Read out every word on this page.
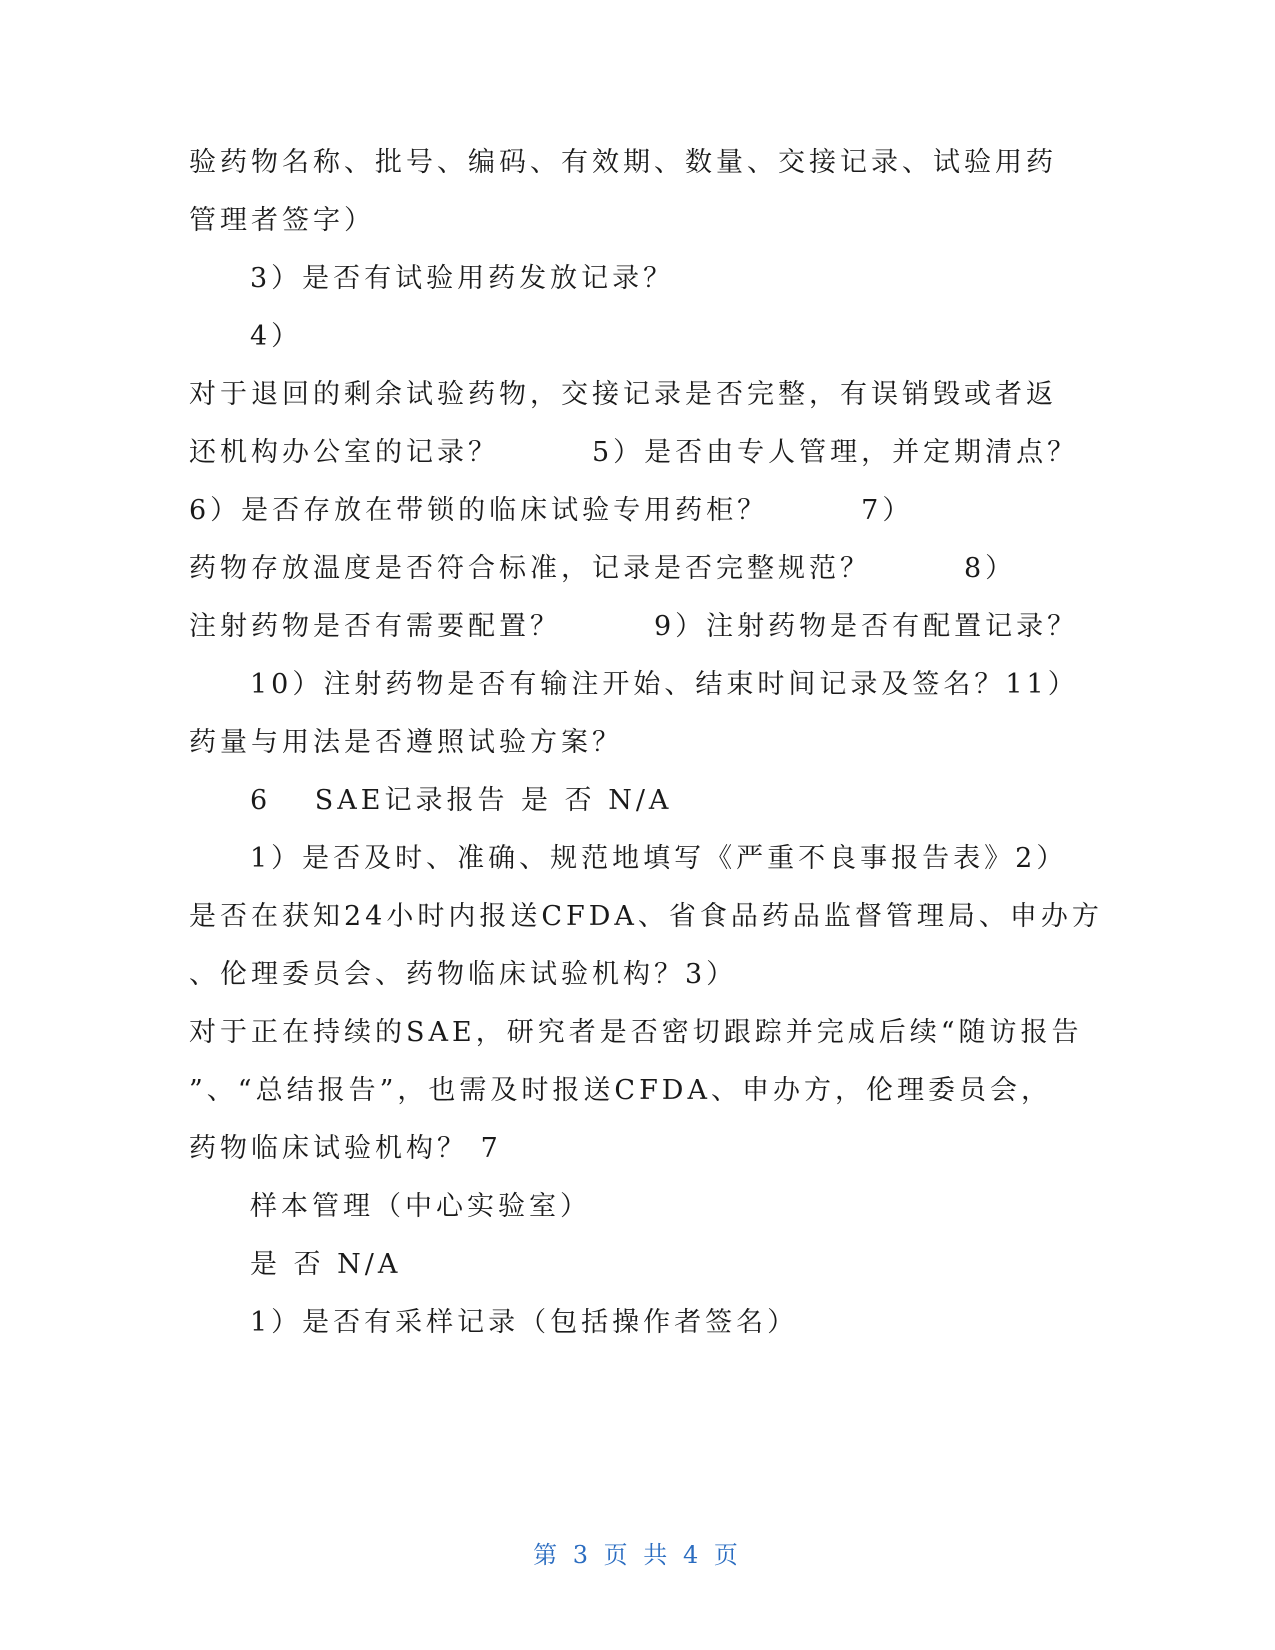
验药物名称、批号、编码、有效期、数量、交接记录、试验用药
管理者签字）
3）是否有试验用药发放记录？
4）
对于退回的剩余试验药物，交接记录是否完整，有误销毁或者返
还机构办公室的记录？　　　5）是否由专人管理，并定期清点？
6）是否存放在带锁的临床试验专用药柜？　　　7）
药物存放温度是否符合标准，记录是否完整规范？　　　8）
注射药物是否有需要配置？　　　9）注射药物是否有配置记录？
10）注射药物是否有输注开始、结束时间记录及签名？11）
药量与用法是否遵照试验方案？
6　 SAE记录报告 是 否 N/A
1）是否及时、准确、规范地填写《严重不良事报告表》2）
是否在获知24小时内报送CFDA、省食品药品监督管理局、申办方
、伦理委员会、药物临床试验机构？3）
对于正在持续的SAE，研究者是否密切跟踪并完成后续“随访报告
”、“总结报告”，也需及时报送CFDA、申办方，伦理委员会，
药物临床试验机构？ 7
样本管理（中心实验室）
是 否 N/A
1）是否有采样记录（包括操作者签名）
第 3 页 共 4 页
